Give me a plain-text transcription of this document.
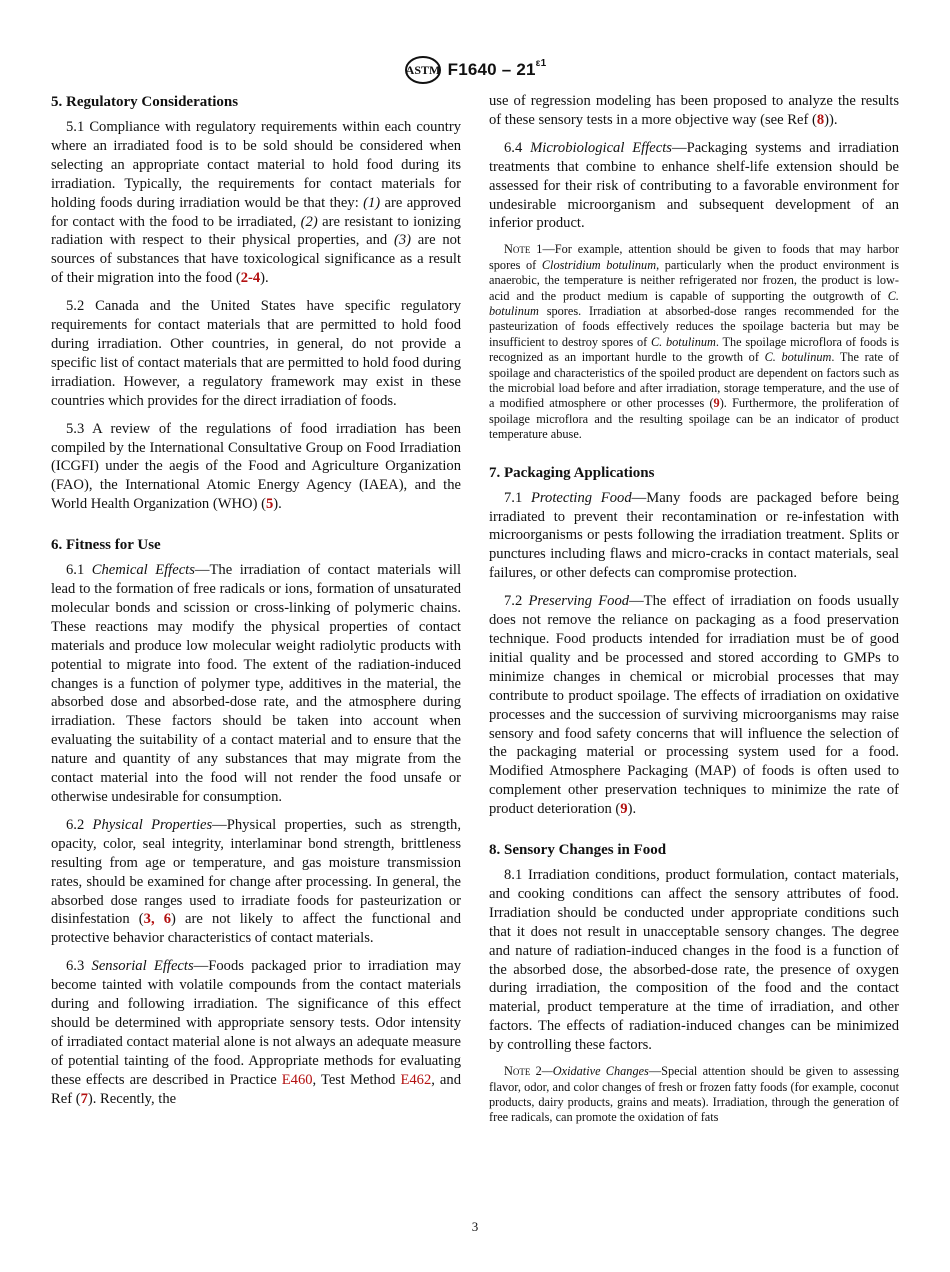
ASTM $F1640 - 21^{\varepsilon 1}$
5. Regulatory Considerations

5.1 Compliance with regulatory requirements within each country where an irradiated food is to be sold should be considered when selecting an appropriate contact material to hold food during its irradiation. Typically, the requirements for contact materials for holding foods during irradiation would be that they: (1) are approved for contact with the food to be irradiated, (2) are resistant to ionizing radiation with respect to their physical properties, and (3) are not sources of substances that have toxicological significance as a result of their migration into the food (2-4).

5.2 Canada and the United States have specific regulatory requirements for contact materials that are permitted to hold food during irradiation. Other countries, in general, do not provide a specific list of contact materials that are permitted to hold food during irradiation. However, a regulatory framework may exist in these countries which provides for the direct irradiation of foods.

5.3 A review of the regulations of food irradiation has been compiled by the International Consultative Group on Food Irradiation (ICGFI) under the aegis of the Food and Agriculture Organization (FAO), the International Atomic Energy Agency (IAEA), and the World Health Organization (WHO) (5).

6. Fitness for Use

6.1 Chemical Effects—The irradiation of contact materials will lead to the formation of free radicals or ions, formation of unsaturated molecular bonds and scission or cross-linking of polymeric chains. These reactions may modify the physical properties of contact materials and produce low molecular weight radiolytic products with potential to migrate into food. The extent of the radiation-induced changes is a function of polymer type, additives in the material, the absorbed dose and absorbed-dose rate, and the atmosphere during irradiation. These factors should be taken into account when evaluating the suitability of a contact material and to ensure that the nature and quantity of any substances that may migrate from the contact material into the food will not render the food unsafe or otherwise undesirable for consumption.

6.2 Physical Properties—Physical properties, such as strength, opacity, color, seal integrity, interlaminar bond strength, brittleness resulting from age or temperature, and gas moisture transmission rates, should be examined for change after processing. In general, the absorbed dose ranges used to irradiate foods for pasteurization or disinfestation (3, 6) are not likely to affect the functional and protective behavior characteristics of contact materials.

6.3 Sensorial Effects—Foods packaged prior to irradiation may become tainted with volatile compounds from the contact materials during and following irradiation. The significance of this effect should be determined with appropriate sensory tests. Odor intensity of irradiated contact material alone is not always an adequate measure of potential tainting of the food. Appropriate methods for evaluating these effects are described in Practice E460, Test Method E462, and Ref (7). Recently, the

use of regression modeling has been proposed to analyze the results of these sensory tests in a more objective way (see Ref (8)).

6.4 Microbiological Effects—Packaging systems and irradiation treatments that combine to enhance shelf-life extension should be assessed for their risk of contributing to a favorable environment for undesirable microorganism and subsequent development of an inferior product.

Note 1—For example, attention should be given to foods that may harbor spores of Clostridium botulinum, particularly when the product environment is anaerobic, the temperature is neither refrigerated nor frozen, the product is low-acid and the product medium is capable of supporting the outgrowth of C. botulinum spores. Irradiation at absorbed-dose ranges recommended for the pasteurization of foods effectively reduces the spoilage bacteria but may be insufficient to destroy spores of C. botulinum. The spoilage microflora of foods is recognized as an important hurdle to the growth of C. botulinum. The rate of spoilage and characteristics of the spoiled product are dependent on factors such as the microbial load before and after irradiation, storage temperature, and the use of a modified atmosphere or other processes (9). Furthermore, the proliferation of spoilage microflora and the resulting spoilage can be an indicator of product temperature abuse.

7. Packaging Applications

7.1 Protecting Food—Many foods are packaged before being irradiated to prevent their recontamination or re-infestation with microorganisms or pests following the irradiation treatment. Splits or punctures including flaws and micro-cracks in contact materials, seal failures, or other defects can compromise protection.

7.2 Preserving Food—The effect of irradiation on foods usually does not remove the reliance on packaging as a food preservation technique. Food products intended for irradiation must be of good initial quality and be processed and stored according to GMPs to minimize changes in chemical or microbial processes that may contribute to product spoilage. The effects of irradiation on oxidative processes and the succession of surviving microorganisms may raise sensory and food safety concerns that will influence the selection of the packaging material or processing system used for a food. Modified Atmosphere Packaging (MAP) of foods is often used to complement other preservation techniques to minimize the rate of product deterioration (9).

8. Sensory Changes in Food

8.1 Irradiation conditions, product formulation, contact materials, and cooking conditions can affect the sensory attributes of food. Irradiation should be conducted under appropriate conditions such that it does not result in unacceptable sensory changes. The degree and nature of radiation-induced changes in the food is a function of the absorbed dose, the absorbed-dose rate, the presence of oxygen during irradiation, the composition of the food and the contact material, product temperature at the time of irradiation, and other factors. The effects of radiation-induced changes can be minimized by controlling these factors.

Note 2—Oxidative Changes—Special attention should be given to assessing flavor, odor, and color changes of fresh or frozen fatty foods (for example, coconut products, dairy products, grains and meats). Irradiation, through the generation of free radicals, can promote the oxidation of fats

3
